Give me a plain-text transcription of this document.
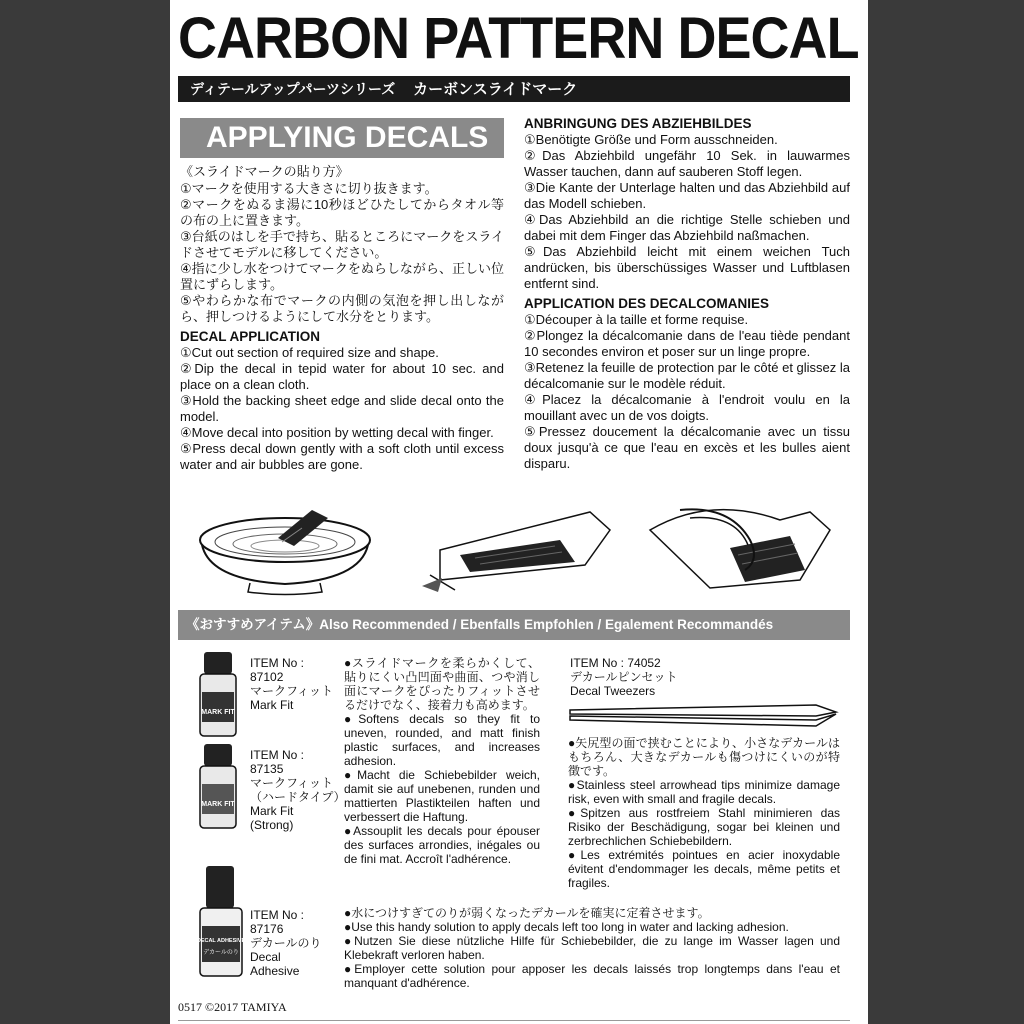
CARBON PATTERN DECAL
ディテールアップパーツシリーズ カーボンスライドマーク
APPLYING DECALS
《スライドマークの貼り方》
①マークを使用する大きさに切り抜きます。
②マークをぬるま湯に10秒ほどひたしてからタオル等の布の上に置きます。
③台紙のはしを手で持ち、貼るところにマークをスライドさせてモデルに移してください。
④指に少し水をつけてマークをぬらしながら、正しい位置にずらします。
⑤やわらかな布でマークの内側の気泡を押し出しながら、押しつけるようにして水分をとります。
DECAL APPLICATION
①Cut out section of required size and shape.
②Dip the decal in tepid water for about 10 sec. and place on a clean cloth.
③Hold the backing sheet edge and slide decal onto the model.
④Move decal into position by wetting decal with finger.
⑤Press decal down gently with a soft cloth until excess water and air bubbles are gone.
ANBRINGUNG DES ABZIEHBILDES
①Benötigte Größe und Form ausschneiden.
②Das Abziehbild ungefähr 10 Sek. in lauwarmes Wasser tauchen, dann auf sauberen Stoff legen.
③Die Kante der Unterlage halten und das Abziehbild auf das Modell schieben.
④Das Abziehbild an die richtige Stelle schieben und dabei mit dem Finger das Abziehbild naßmachen.
⑤Das Abziehbild leicht mit einem weichen Tuch andrücken, bis überschüssiges Wasser und Luftblasen entfernt sind.
APPLICATION DES DECALCOMANIES
①Découper à la taille et forme requise.
②Plongez la décalcomanie dans de l'eau tiède pendant 10 secondes environ et poser sur un linge propre.
③Retenez la feuille de protection par le côté et glissez la décalcomanie sur le modèle réduit.
④Placez la décalcomanie à l'endroit voulu en la mouillant avec un de vos doigts.
⑤Pressez doucement la décalcomanie avec un tissu doux jusqu'à ce que l'eau en excès et les bulles aient disparu.
《おすすめアイテム》Also Recommended / Ebenfalls Empfohlen / Egalement Recommandés
MARK FIT
ITEM No : 87102
マークフィット
Mark Fit
MARK FIT
ITEM No : 87135
マークフィット
（ハードタイプ）
Mark Fit
(Strong)
●スライドマークを柔らかくして、貼りにくい凸凹面や曲面、つや消し面にマークをぴったりフィットさせるだけでなく、接着力も高めます。
●Softens decals so they fit to uneven, rounded, and matt finish plastic surfaces, and increases adhesion.
●Macht die Schiebebilder weich, damit sie auf unebenen, runden und mattierten Plastikteilen haften und verbessert die Haftung.
●Assouplit les decals pour épouser des surfaces arrondies, inégales ou de fini mat. Accroît l'adhérence.
ITEM No : 74052
デカールピンセット
Decal Tweezers
●矢尻型の面で挟むことにより、小さなデカールはもちろん、大きなデカールも傷つけにくいのが特徴です。
●Stainless steel arrowhead tips minimize damage risk, even with small and fragile decals.
●Spitzen aus rostfreiem Stahl minimieren das Risiko der Beschädigung, sogar bei kleinen und zerbrechlichen Schiebebildern.
●Les extrémités pointues en acier inoxydable évitent d'endommager les decals, même petits et fragiles.
DECAL ADHESIVE
デカールのり
ITEM No : 87176
デカールのり
Decal
Adhesive
●水につけすぎてのりが弱くなったデカールを確実に定着させます。
●Use this handy solution to apply decals left too long in water and lacking adhesion.
●Nutzen Sie diese nützliche Hilfe für Schiebebilder, die zu lange im Wasser lagen und Klebekraft verloren haben.
●Employer cette solution pour apposer les decals laissés trop longtemps dans l'eau et manquant d'adhérence.
0517 ©2017 TAMIYA
